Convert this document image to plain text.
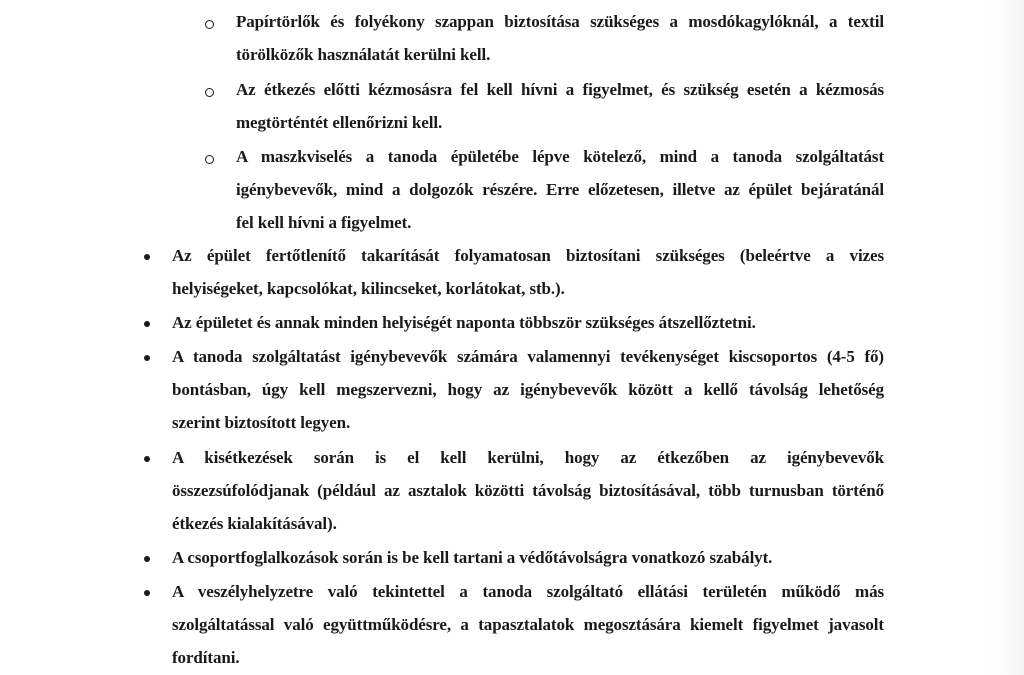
Papírtörlők és folyékony szappan biztosítása szükséges a mosdókagylóknál, a textil
törölközők használatát kerülni kell.
Az étkezés előtti kézmosásra fel kell hívni a figyelmet, és szükség esetén a kézmosás
megtörténtét ellenőrizni kell.
A maszkviselés a tanoda épületébe lépve kötelező, mind a tanoda szolgáltatást
igénybevevők, mind a dolgozók részére. Erre előzetesen, illetve az épület bejáratánál
fel kell hívni a figyelmet.
Az épület fertőtlenítő takarítását folyamatosan biztosítani szükséges (beleértve a vizes
helyiségeket, kapcsolókat, kilincseket, korlátokat, stb.).
Az épületet és annak minden helyiségét naponta többször szükséges átszellőztetni.
A tanoda szolgáltatást igénybevevők számára valamennyi tevékenységet kiscsoportos (4-5 fő)
bontásban, úgy kell megszervezni, hogy az igénybevevők között a kellő távolság lehetőség
szerint biztosított legyen.
A kisétkezések során is el kell kerülni, hogy az étkezőben az igénybevevők
összezsúfolódjanak (például az asztalok közötti távolság biztosításával, több turnusban történő
étkezés kialakításával).
A csoportfoglalkozások során is be kell tartani a védőtávolságra vonatkozó szabályt.
A veszélyhelyzetre való tekintettel a tanoda szolgáltató ellátási területén működő más
szolgáltatással való együttműködésre, a tapasztalatok megosztására kiemelt figyelmet javasolt
fordítani.
